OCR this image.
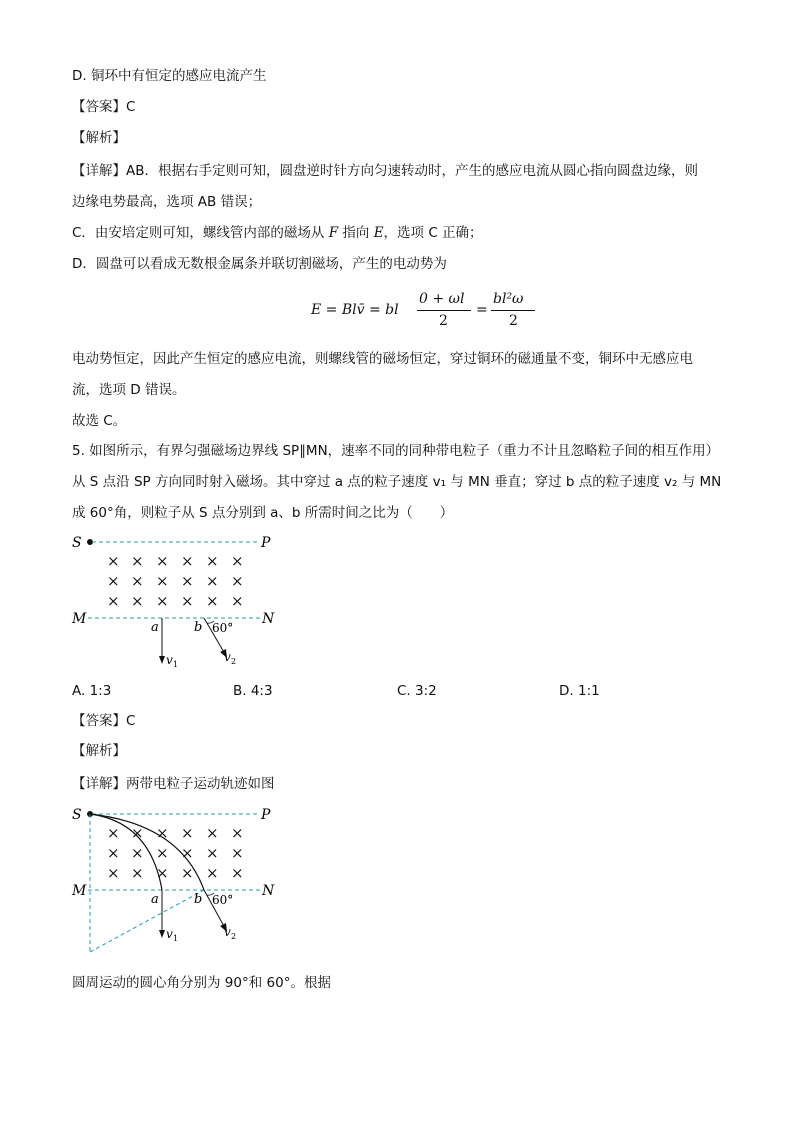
D. 铜环中有恒定的感应电流产生
【答案】C
【解析】
【详解】AB．根据右手定则可知，圆盘逆时针方向匀速转动时，产生的感应电流从圆心指向圆盘边缘，则
边缘电势最高，选项 AB 错误；
C．由安培定则可知，螺线管内部的磁场从 F 指向 E，选项 C 正确；
D．圆盘可以看成无数根金属条并联切割磁场，产生的电动势为
E = Blv̄ = bl
0 + ωl
2
=
bl²ω
2
电动势恒定，因此产生恒定的感应电流，则螺线管的磁场恒定，穿过铜环的磁通量不变，铜环中无感应电
流，选项 D 错误。
故选 C。
5. 如图所示，有界匀强磁场边界线 SP∥MN，速率不同的同种带电粒子（重力不计且忽略粒子间的相互作用）
从 S 点沿 SP 方向同时射入磁场。其中穿过 a 点的粒子速度 v₁ 与 MN 垂直；穿过 b 点的粒子速度 v₂ 与 MN
成 60°角，则粒子从 S 点分别到 a、b 所需时间之比为（　　）
S	P
× × × × × ×
× × × × × ×
× × × × × ×
M	N
a
v 1
b 60°
v 2
A. 1:3	B. 4:3	C. 3:2	D. 1:1
【答案】C
【解析】
【详解】两带电粒子运动轨迹如图
S	P
× × × × × ×
× × × × × ×
× × × × × ×
M	N
a
v 1
b 60°
v 2
圆周运动的圆心角分别为 90°和 60°。根据
